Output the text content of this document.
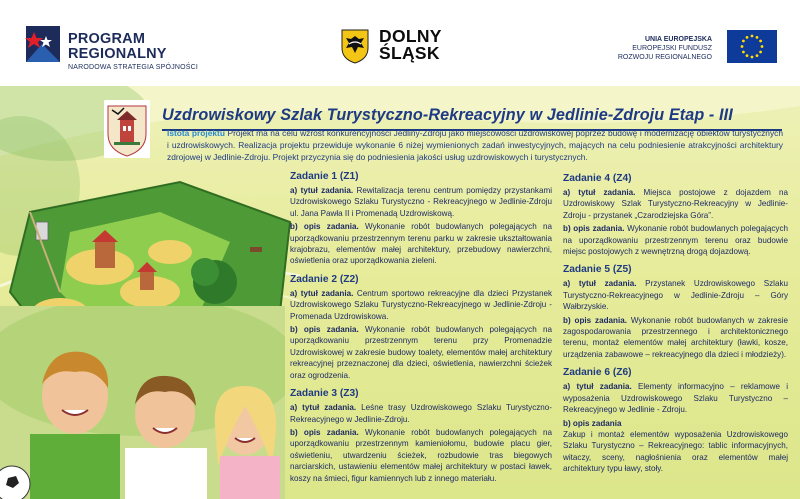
PROGRAM
REGIONALNY
NARODOWA STRATEGIA SPÓJNOŚCI
DOLNY
ŚLĄSK
UNIA EUROPEJSKA
EUROPEJSKI FUNDUSZ
ROZWOJU REGIONALNEGO
Uzdrowiskowy Szlak Turystyczno-Rekreacyjny w Jedlinie-Zdroju Etap - III
Istota projektu Projekt ma na celu wzrost konkurencyjności Jedliny-Zdroju jako miejscowości uzdrowiskowej poprzez budowę i modernizację obiektów turystycznych i uzdrowiskowych. Realizacja projektu przewiduje wykonanie 6 niżej wymienionych zadań inwestycyjnych, mających na celu podniesienie atrakcyjności architektury zdrojowej w Jedlinie-Zdroju. Projekt przyczynia się do podniesienia jakości usług uzdrowiskowych i turystycznych.
Zadanie 1 (Z1)
a) tytuł zadania. Rewitalizacja terenu centrum pomiędzy przystankami Uzdrowiskowego Szlaku Turystyczno - Rekreacyjnego w Jedlinie-Zdroju ul. Jana Pawła II i Promenadą Uzdrowiskową.
b) opis zadania. Wykonanie robót budowlanych polegających na uporządkowaniu przestrzennym terenu parku w zakresie ukształtowania krajobrazu, elementów małej architektury, przebudowy nawierzchni, oświetlenia oraz uporządkowania zieleni.
Zadanie 2 (Z2)
a) tytuł zadania. Centrum sportowo rekreacyjne dla dzieci Przystanek Uzdrowiskowego Szlaku Turystyczno-Rekreacyjnego w Jedlinie-Zdroju - Promenada Uzdrowiskowa.
b) opis zadania. Wykonanie robót budowlanych polegających na uporządkowaniu przestrzennym terenu przy Promenadzie Uzdrowiskowej w zakresie budowy toalety, elementów małej architektury rekreacyjnej przeznaczonej dla dzieci, oświetlenia, nawierzchni ścieżek oraz ogrodzenia.
Zadanie 3 (Z3)
a) tytuł zadania. Leśne trasy Uzdrowiskowego Szlaku Turystyczno-Rekreacyjnego w Jedlinie-Zdroju.
b) opis zadania. Wykonanie robót budowlanych polegających na uporządkowaniu przestrzennym kamieniołomu, budowie placu gier, oświetleniu, utwardzeniu ścieżek, rozbudowie tras biegowych narciarskich, ustawieniu elementów małej architektury w postaci ławek, koszy na śmieci, figur kamiennych lub z innego materiału.
Zadanie 4 (Z4)
a) tytuł zadania. Miejsca postojowe z dojazdem na Uzdrowiskowy Szlak Turystyczno-Rekreacyjny w Jedlinie-Zdroju - przystanek „Czarodziejska Góra”.
b) opis zadania. Wykonanie robót budowlanych polegających na uporządkowaniu przestrzennym terenu oraz budowie miejsc postojowych z wewnętrzną drogą dojazdową.
Zadanie 5 (Z5)
a) tytuł zadania. Przystanek Uzdrowiskowego Szlaku Turystyczno-Rekreacyjnego w Jedlinie-Zdroju – Góry Wałbrzyskie.
b) opis zadania. Wykonanie robót budowlanych w zakresie zagospodarowania przestrzennego i architektonicznego terenu, montaż elementów małej architektury (ławki, kosze, urządzenia zabawowe – rekreacyjnego dla dzieci i młodzieży).
Zadanie 6 (Z6)
a) tytuł zadania. Elementy informacyjno – reklamowe i wyposażenia Uzdrowiskowego Szlaku Turystyczno – Rekreacyjnego w Jedlinie - Zdroju.
b) opis zadania
Zakup i montaż elementów wyposażenia Uzdrowiskowego Szlaku Turystyczno – Rekreacyjnego: tablic informacyjnych, witaczy, sceny, nagłośnienia oraz elementów małej architektury typu ławy, stoły.
